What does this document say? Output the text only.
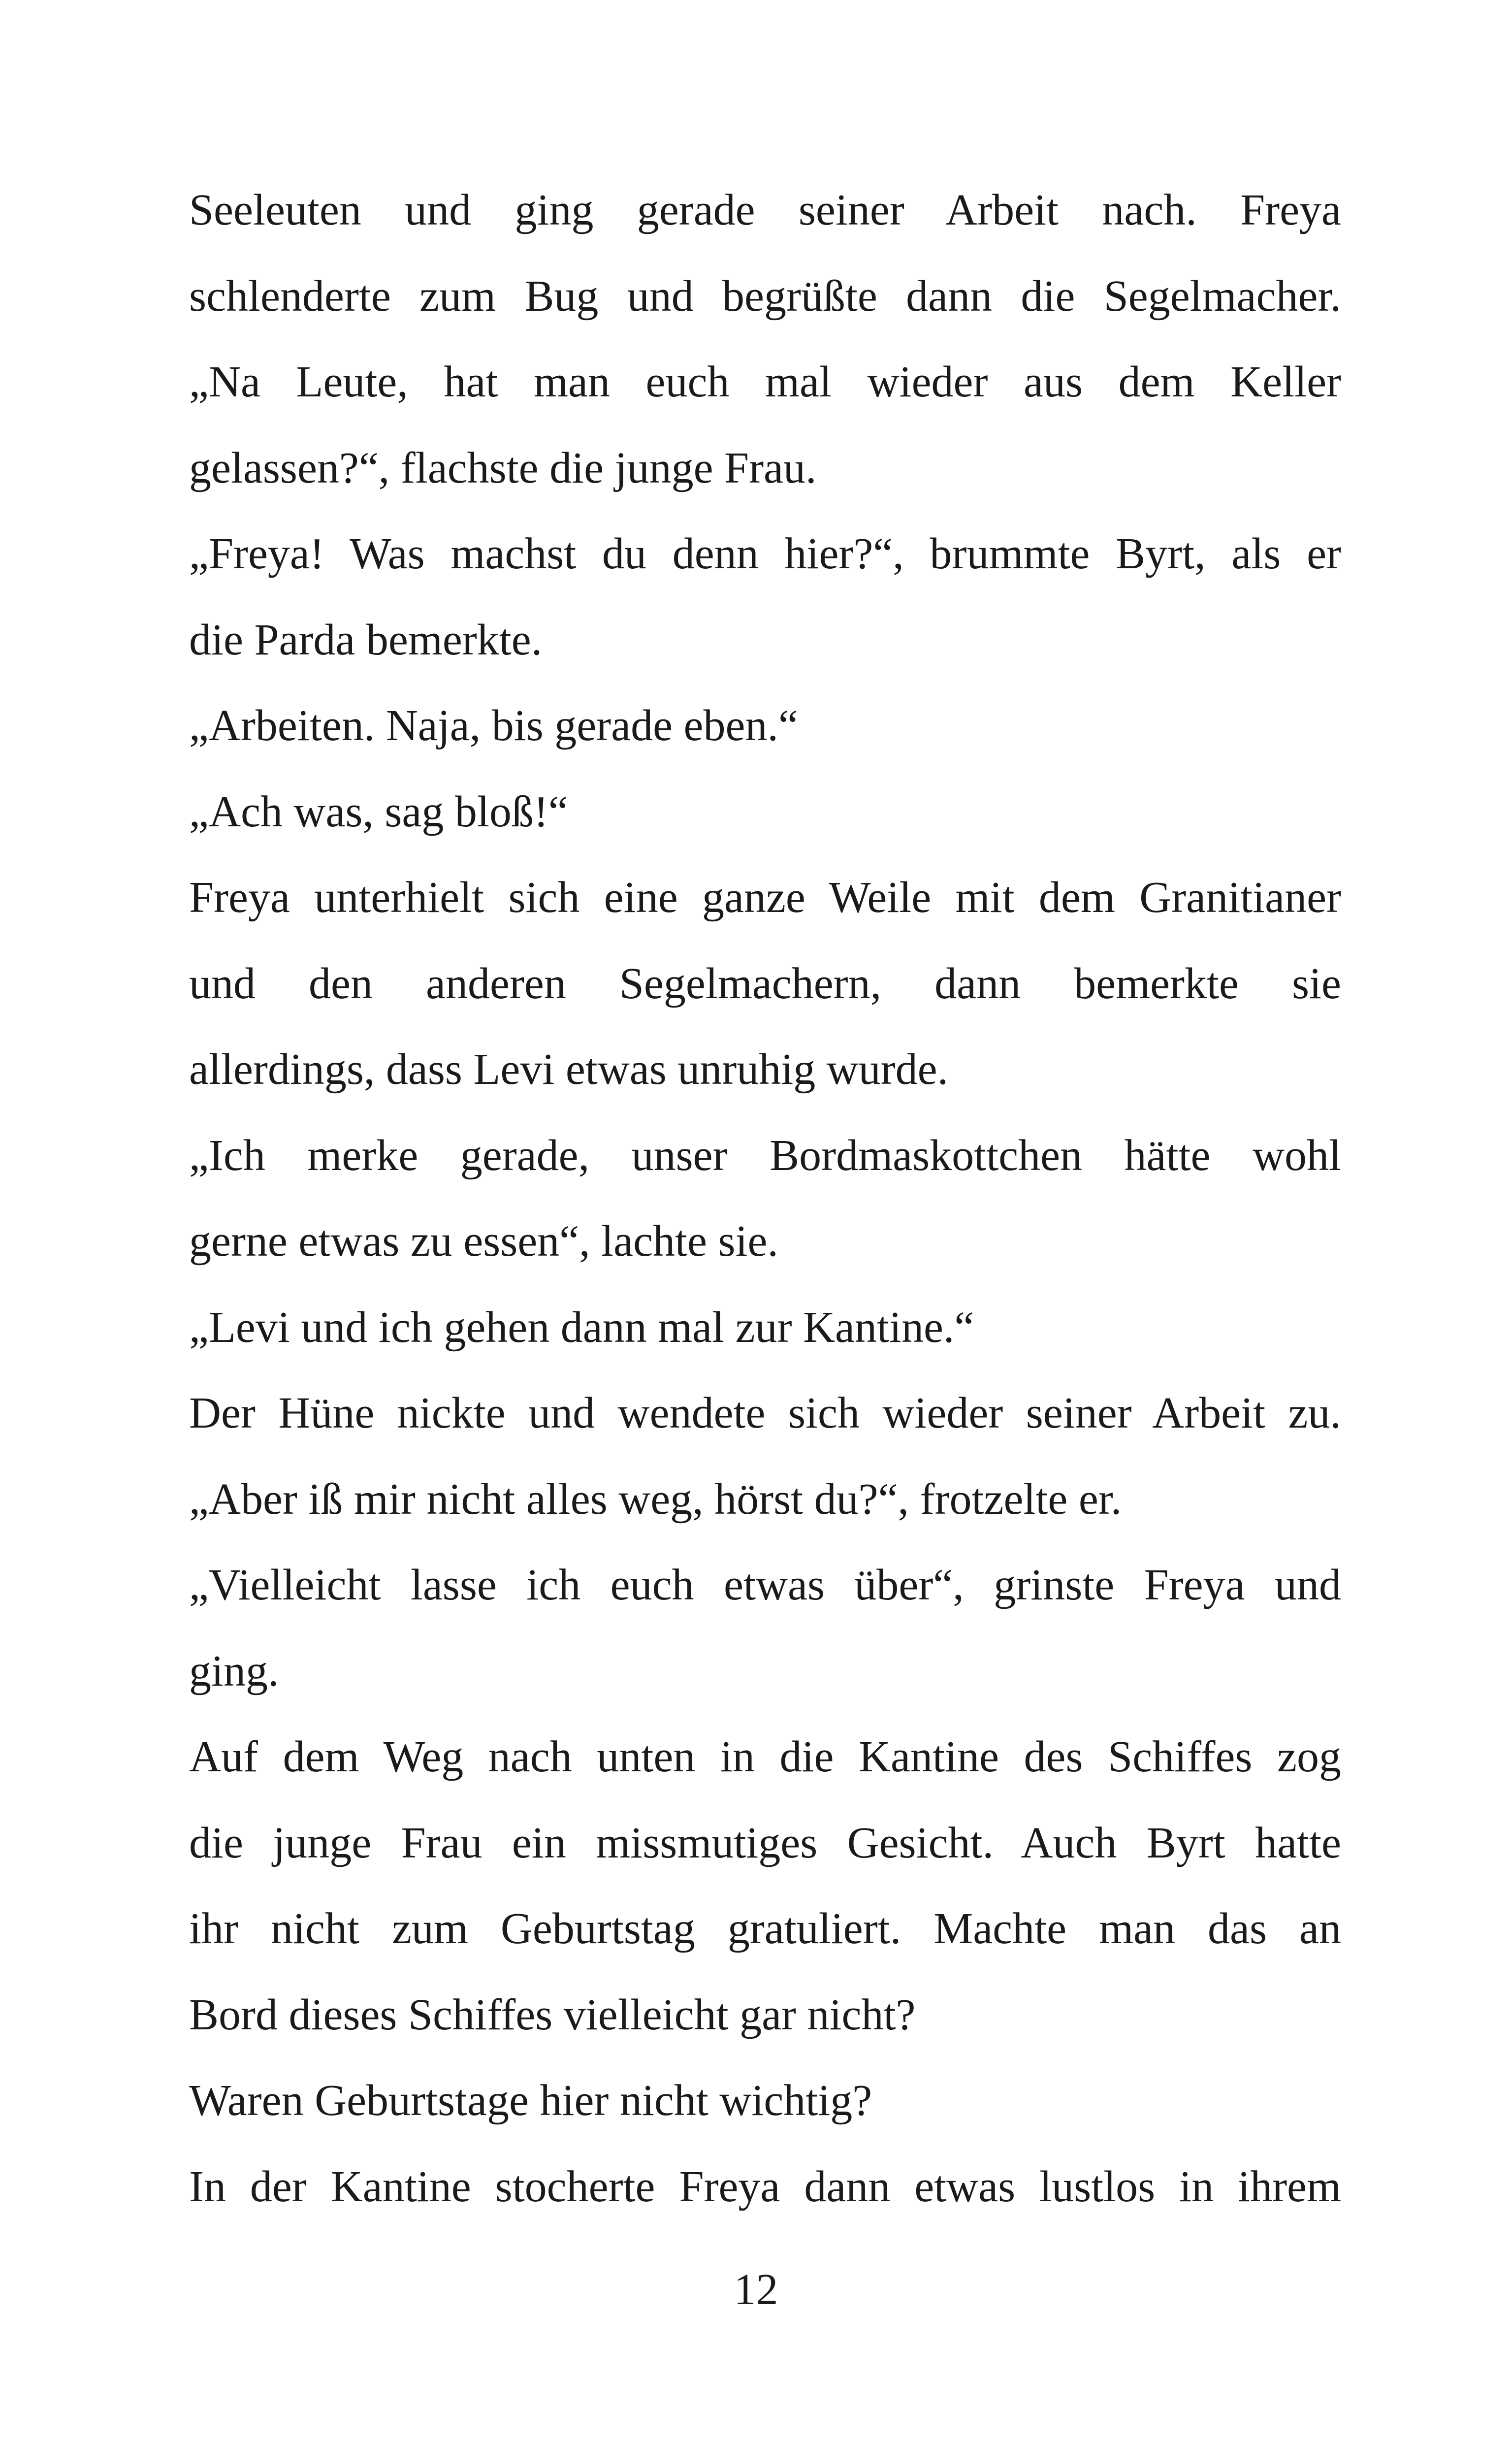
Seeleuten und ging gerade seiner Arbeit nach. Freya
schlenderte zum Bug und begrüßte dann die Segelmacher.
„Na Leute, hat man euch mal wieder aus dem Keller
gelassen?“, flachste die junge Frau.
„Freya! Was machst du denn hier?“, brummte Byrt, als er
die Parda bemerkte.
„Arbeiten. Naja, bis gerade eben.“
„Ach was, sag bloß!“
Freya unterhielt sich eine ganze Weile mit dem Granitianer
und den anderen Segelmachern, dann bemerkte sie
allerdings, dass Levi etwas unruhig wurde.
„Ich merke gerade, unser Bordmaskottchen hätte wohl
gerne etwas zu essen“, lachte sie.
„Levi und ich gehen dann mal zur Kantine.“
Der Hüne nickte und wendete sich wieder seiner Arbeit zu.
„Aber iß mir nicht alles weg, hörst du?“, frotzelte er.
„Vielleicht lasse ich euch etwas über“, grinste Freya und
ging.
Auf dem Weg nach unten in die Kantine des Schiffes zog
die junge Frau ein missmutiges Gesicht. Auch Byrt hatte
ihr nicht zum Geburtstag gratuliert. Machte man das an
Bord dieses Schiffes vielleicht gar nicht?
Waren Geburtstage hier nicht wichtig?
In der Kantine stocherte Freya dann etwas lustlos in ihrem
12
